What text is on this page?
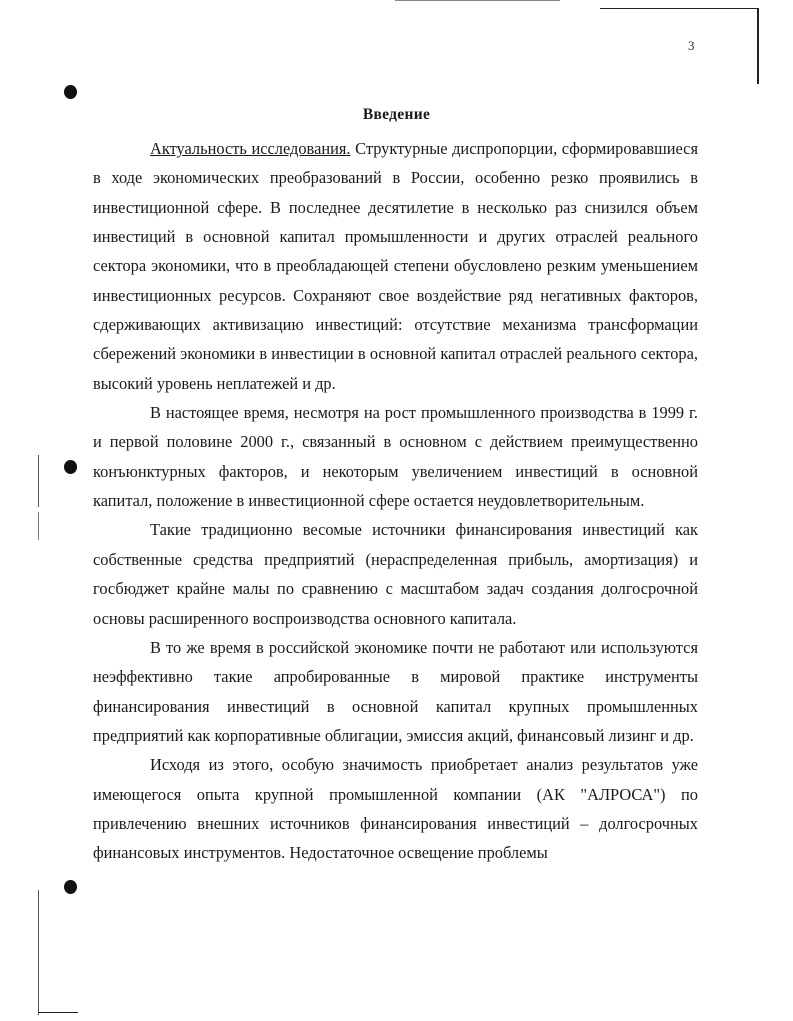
3
Введение

Актуальность исследования. Структурные диспропорции, сформировавшиеся в ходе экономических преобразований в России, особенно резко проявились в инвестиционной сфере. В последнее десятилетие в несколько раз снизился объем инвестиций в основной капитал промышленности и других отраслей реального сектора экономики, что в преобладающей степени обусловлено резким уменьшением инвестиционных ресурсов. Сохраняют свое воздействие ряд негативных факторов, сдерживающих активизацию инвестиций: отсутствие механизма трансформации сбережений экономики в инвестиции в основной капитал отраслей реального сектора, высокий уровень неплатежей и др.

В настоящее время, несмотря на рост промышленного производства в 1999 г. и первой половине 2000 г., связанный в основном с действием преимущественно конъюнктурных факторов, и некоторым увеличением инвестиций в основной капитал, положение в инвестиционной сфере остается неудовлетворительным.

Такие традиционно весомые источники финансирования инвестиций как собственные средства предприятий (нераспределенная прибыль, амортизация) и госбюджет крайне малы по сравнению с масштабом задач создания долгосрочной основы расширенного воспроизводства основного капитала.

В то же время в российской экономике почти не работают или используются неэффективно такие апробированные в мировой практике инструменты финансирования инвестиций в основной капитал крупных промышленных предприятий как корпоративные облигации, эмиссия акций, финансовый лизинг и др.

Исходя из этого, особую значимость приобретает анализ результатов уже имеющегося опыта крупной промышленной компании (АК "АЛРОСА") по привлечению внешних источников финансирования инвестиций – долгосрочных финансовых инструментов. Недостаточное освещение проблемы
